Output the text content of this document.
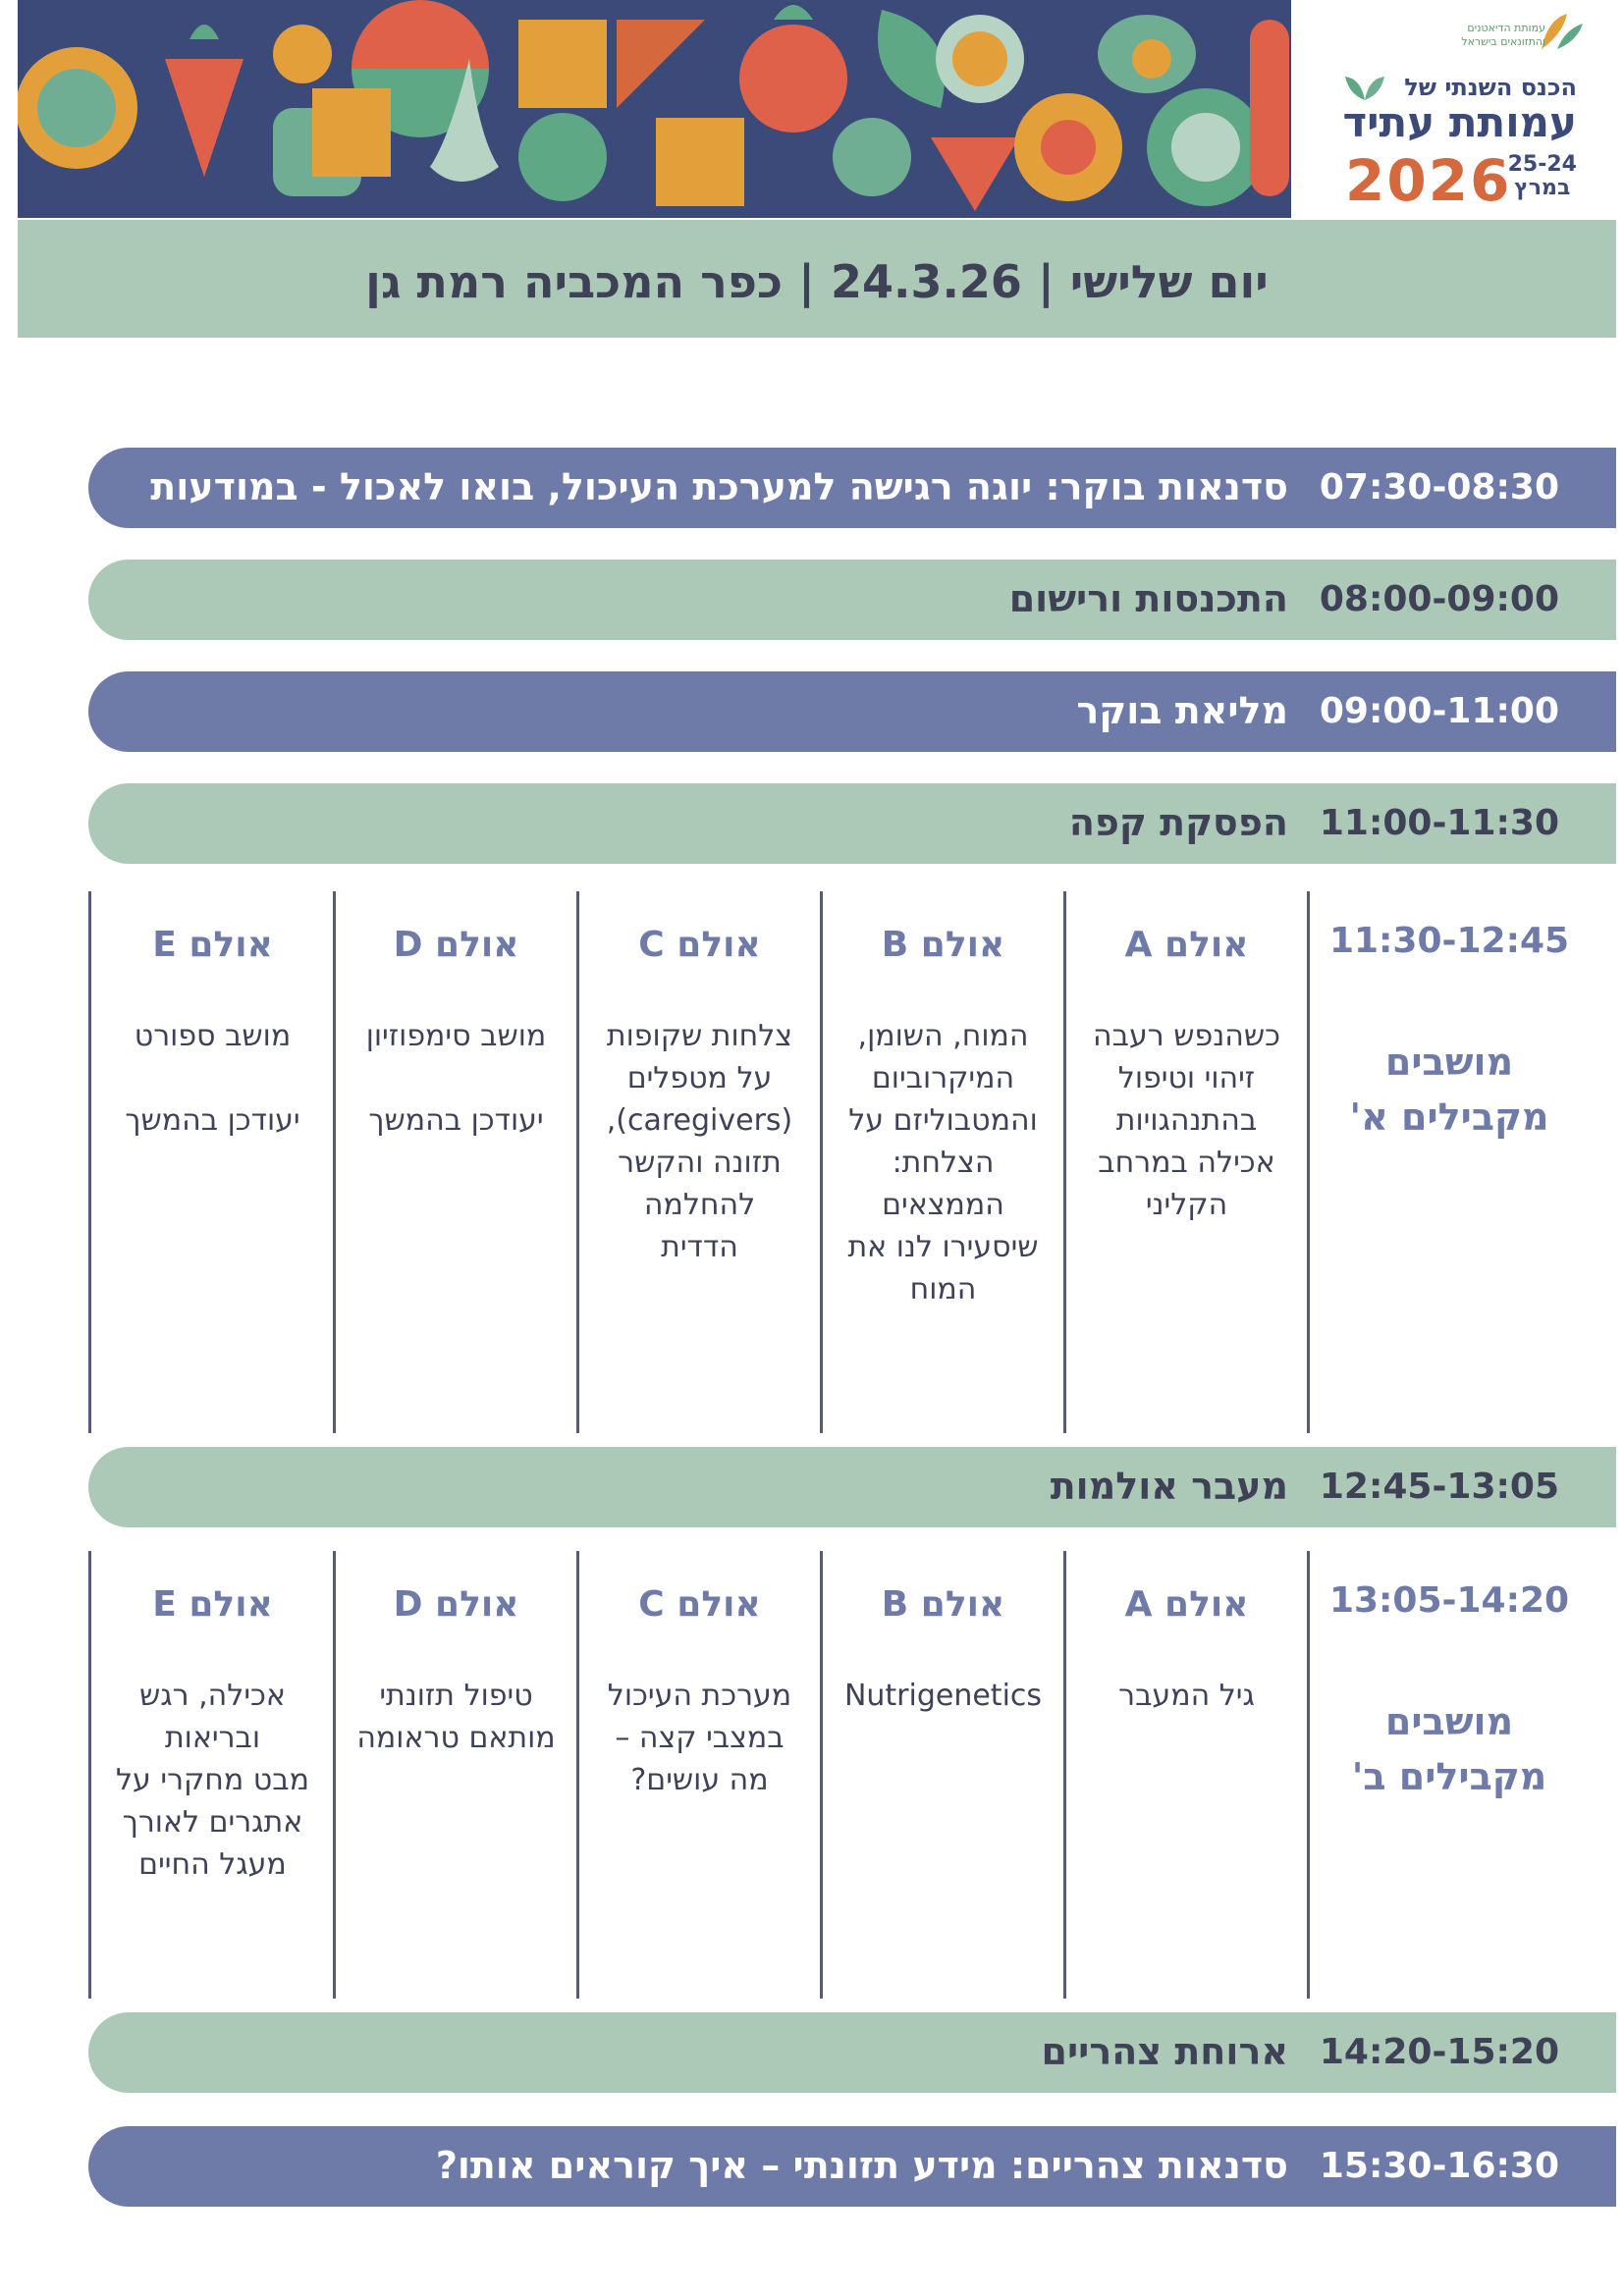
עמותת הדיאטנים
והתזונאים בישראל
הכנס השנתי של
עמותת עתיד
2026
25-24
במרץ
יום שלישי | 24.3.26 | כפר המכביה רמת גן
07:30-08:30
סדנאות בוקר: יוגה רגישה למערכת העיכול, בואו לאכול - במודעות
08:00-09:00
התכנסות ורישום
09:00-11:00
מליאת בוקר
11:00-11:30
הפסקת קפה
11:30-12:45
מושבים
מקבילים א'
אולם A
כשהנפש רעבה
זיהוי וטיפול
בהתנהגויות
אכילה במרחב
הקליני
אולם B
המוח, השומן,
המיקרוביום
והמטבוליזם על
הצלחת:
הממצאים
שיסעירו לנו את
המוח
אולם C
צלחות שקופות
על מטפלים
(caregivers),
תזונה והקשר
להחלמה
הדדית
אולם D
מושב סימפוזיון
יעודכן בהמשך
אולם E
מושב ספורט
יעודכן בהמשך
12:45-13:05
מעבר אולמות
13:05-14:20
מושבים
מקבילים ב'
אולם A
גיל המעבר
אולם B
Nutrigenetics
אולם C
מערכת העיכול
במצבי קצה –
מה עושים?
אולם D
טיפול תזונתי
מותאם טראומה
אולם E
אכילה, רגש
ובריאות
מבט מחקרי על
אתגרים לאורך
מעגל החיים
14:20-15:20
ארוחת צהריים
15:30-16:30
סדנאות צהריים: מידע תזונתי – איך קוראים אותו?
